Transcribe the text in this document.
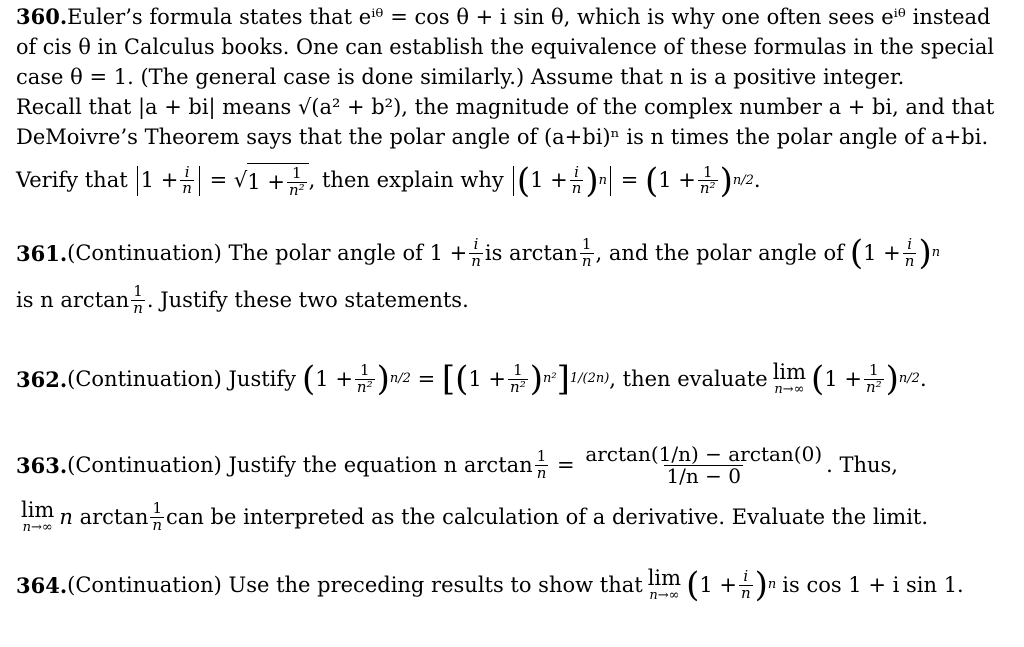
360.Euler’s formula states that eⁱᶿ = cos θ + i sin θ, which is why one often sees eⁱᶿ instead
of cis θ in Calculus books. One can establish the equivalence of these formulas in the special
case θ = 1. (The general case is done similarly.) Assume that n is a positive integer.
Recall that |a + bi| means √(a² + b²), the magnitude of the complex number a + bi, and that
DeMoivre’s Theorem says that the polar angle of (a+bi)ⁿ is n times the polar angle of a+bi.
Verify that $1 + \frac{i}{n}$ = √ $1 + \frac{1}{\text{n²}}$ , then explain why ( $1 + \frac{i}{n}$ ) n = ( $1 + \frac{1}{\text{n²}}$ ) n/2 .
361. (Continuation) The polar angle of $1 + \frac{i}{n}$ is $\arctan \frac{1}{n}$ , and the polar angle of ( $1 + \frac{i}{n}$ ) n
is n $\arctan \frac{1}{n}$ . Justify these two statements.
362. (Continuation) Justify ( $1 + \frac{1}{\text{n²}}$ ) n/2 = [ ( $1 + \frac{1}{\text{n²}}$ ) n² ] 1/(2n) , then evaluate lim
n→∞ ( $1 + \frac{1}{\text{n²}}$ ) n/2 .
363. (Continuation) Justify the equation n $\arctan \frac{1}{n} = \frac{\arctan(1/n) - \arctan(0)}{1/n - 0}$ . Thus,
lim
n→∞ n $\arctan \frac{1}{n}$ can be interpreted as the calculation of a derivative. Evaluate the limit.
364. (Continuation) Use the preceding results to show that lim
n→∞ ( $1 + \frac{i}{n}$ ) n is cos 1 + i sin 1.
